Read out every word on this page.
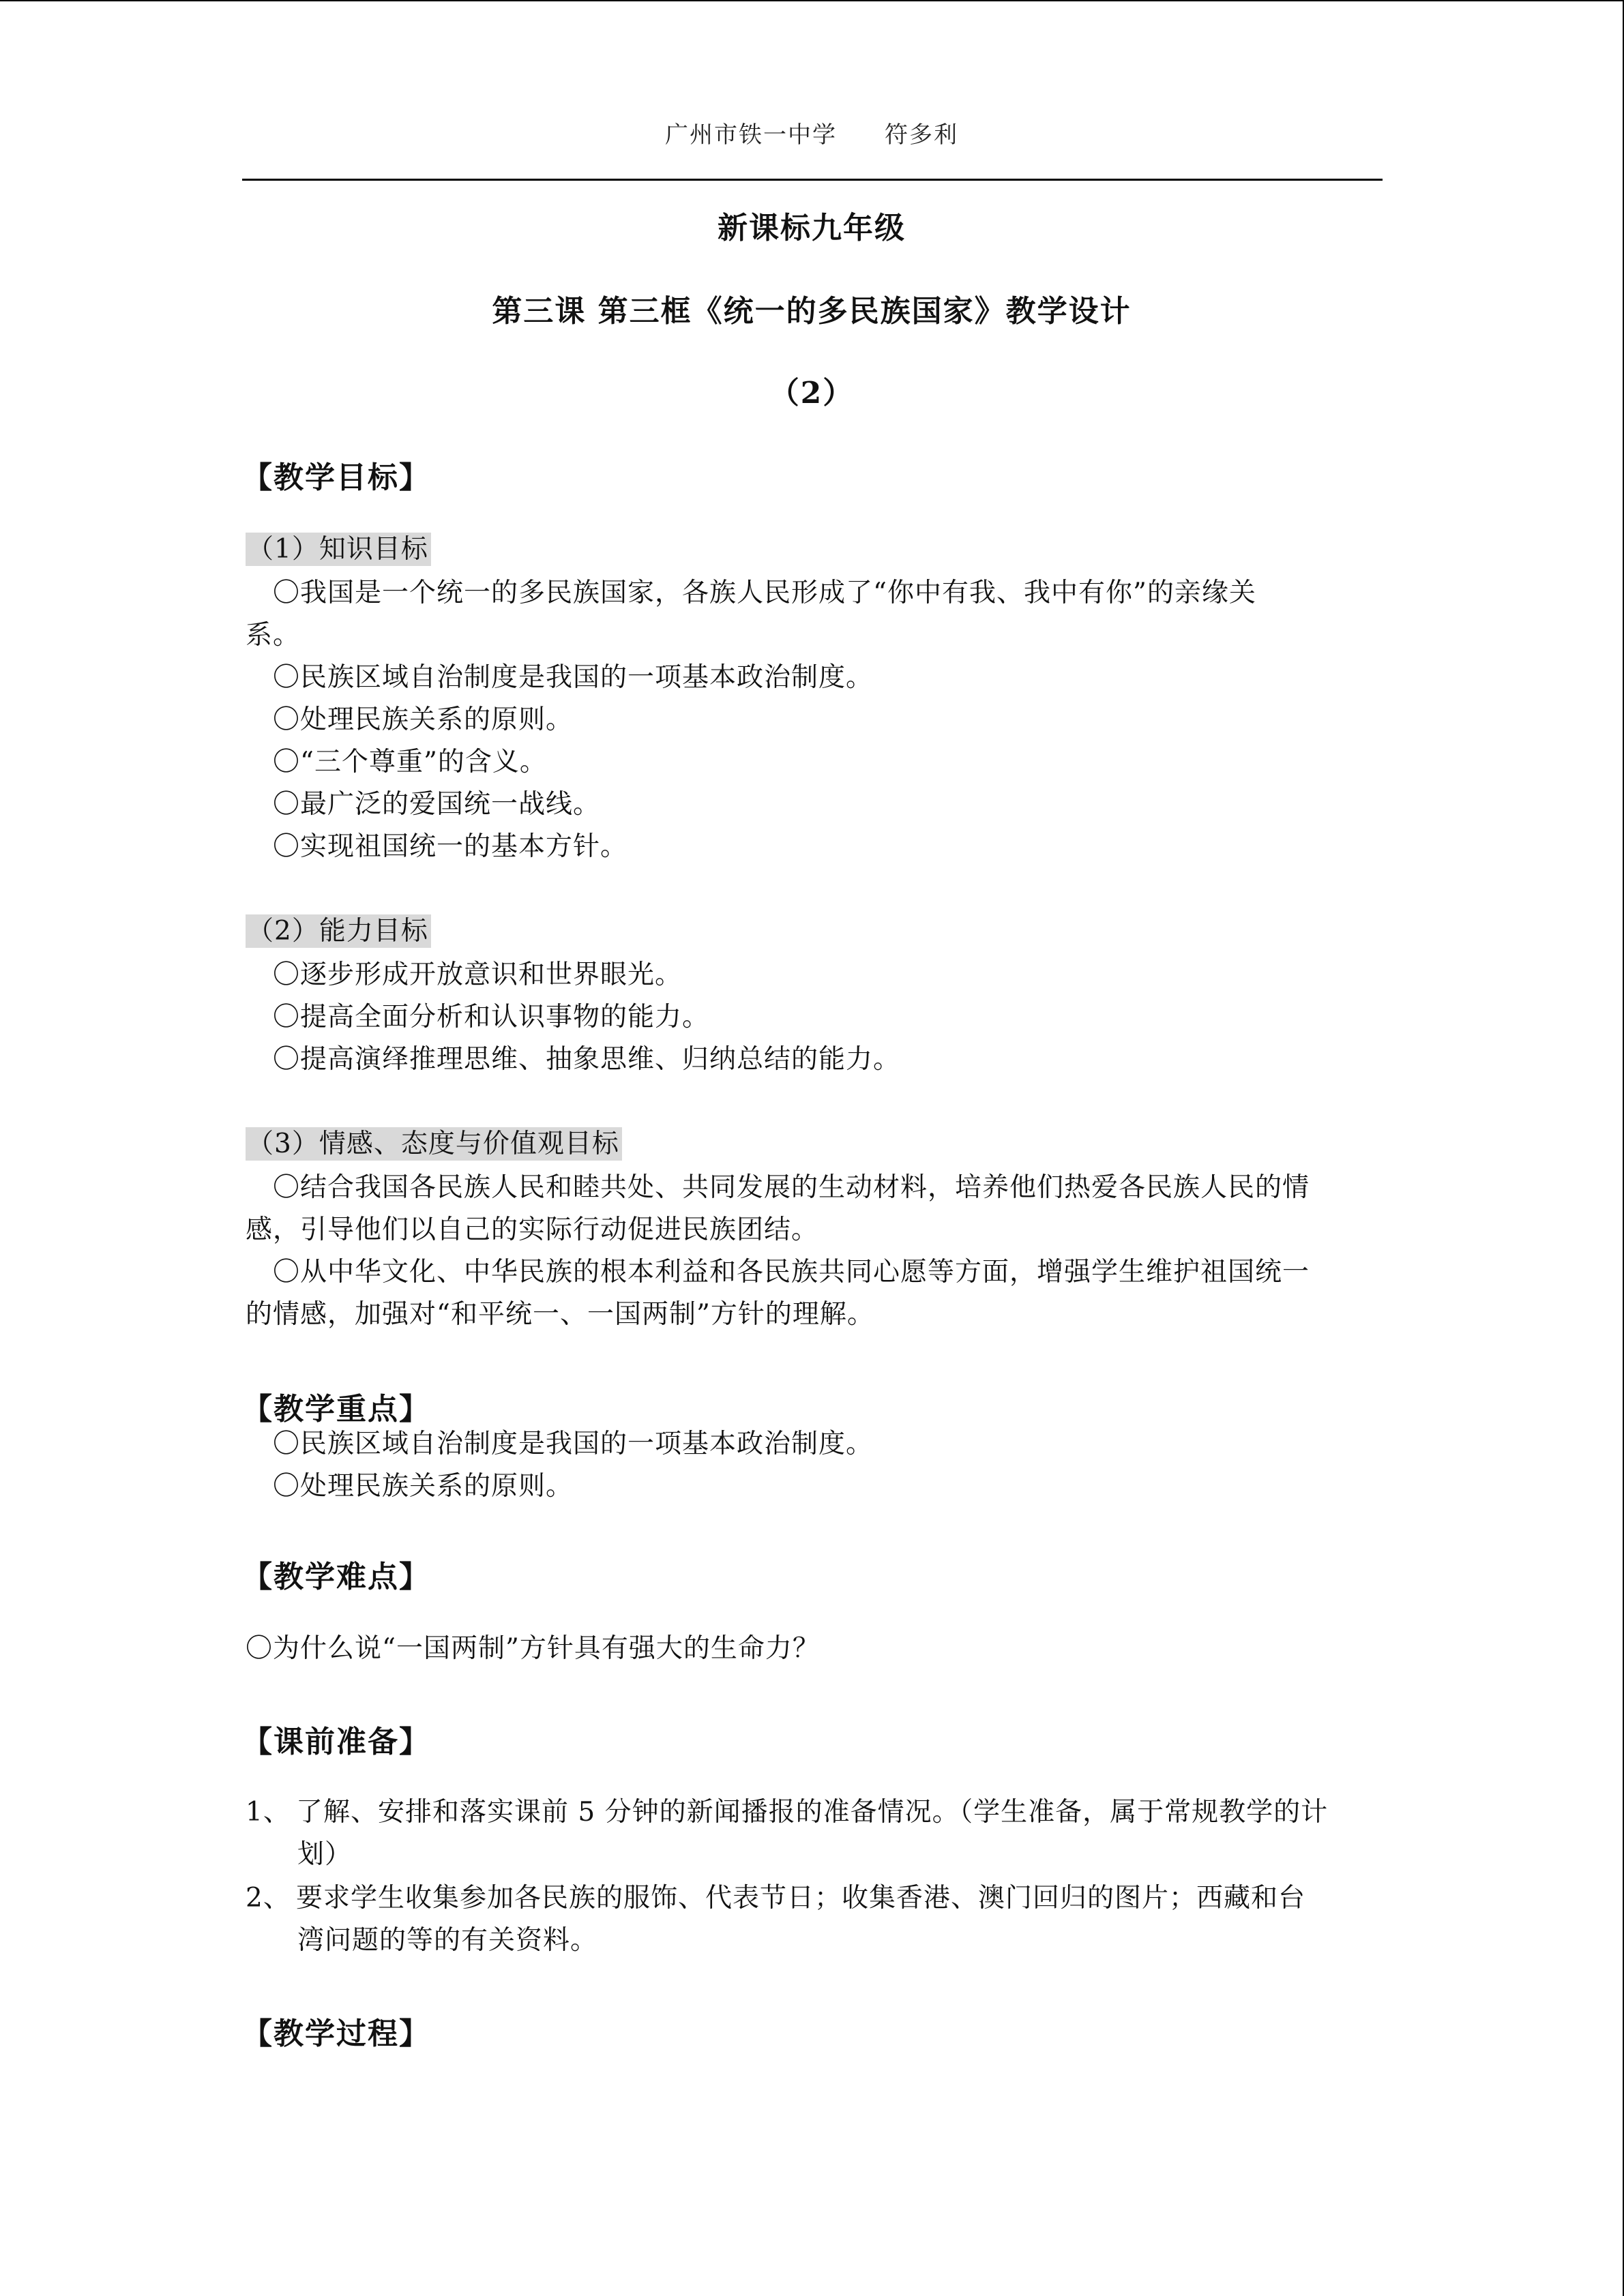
广州市铁一中学 符多利
新课标九年级
第三课 第三框《统一的多民族国家》教学设计
（2）
【教学目标】
（1）知识目标
〇我国是一个统一的多民族国家，各族人民形成了“你中有我、我中有你”的亲缘关
系。
〇民族区域自治制度是我国的一项基本政治制度。
〇处理民族关系的原则。
〇“三个尊重”的含义。
〇最广泛的爱国统一战线。
〇实现祖国统一的基本方针。
（2）能力目标
〇逐步形成开放意识和世界眼光。
〇提高全面分析和认识事物的能力。
〇提高演绎推理思维、抽象思维、归纳总结的能力。
（3）情感、态度与价值观目标
〇结合我国各民族人民和睦共处、共同发展的生动材料，培养他们热爱各民族人民的情
感，引导他们以自己的实际行动促进民族团结。
〇从中华文化、中华民族的根本利益和各民族共同心愿等方面，增强学生维护祖国统一
的情感，加强对“和平统一、一国两制”方针的理解。
【教学重点】
〇民族区域自治制度是我国的一项基本政治制度。
〇处理民族关系的原则。
【教学难点】
〇为什么说“一国两制”方针具有强大的生命力？
【课前准备】
1、 了解、安排和落实课前 5 分钟的新闻播报的准备情况。（学生准备，属于常规教学的计
划）
2、 要求学生收集参加各民族的服饰、代表节日；收集香港、澳门回归的图片；西藏和台
湾问题的等的有关资料。
【教学过程】
